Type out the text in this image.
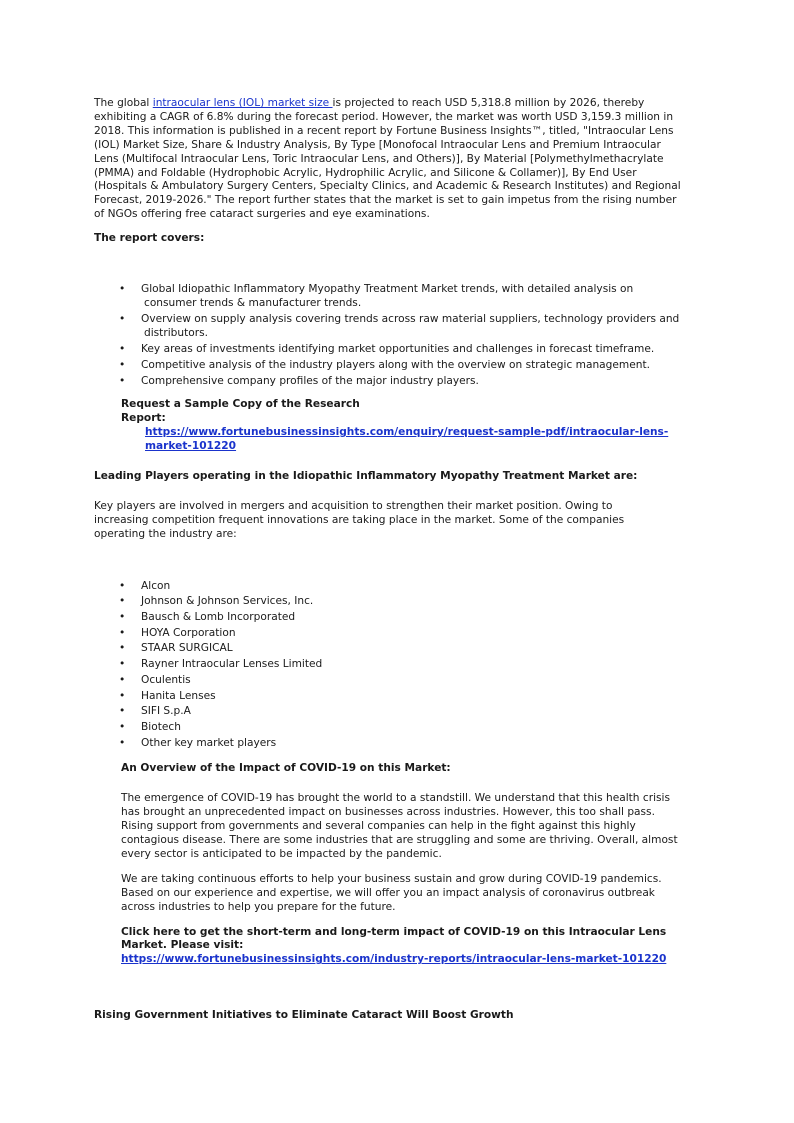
The global intraocular lens (IOL) market size is projected to reach USD 5,318.8 million by 2026, thereby
exhibiting a CAGR of 6.8% during the forecast period. However, the market was worth USD 3,159.3 million in
2018. This information is published in a recent report by Fortune Business Insights™, titled, "Intraocular Lens
(IOL) Market Size, Share & Industry Analysis, By Type [Monofocal Intraocular Lens and Premium Intraocular
Lens (Multifocal Intraocular Lens, Toric Intraocular Lens, and Others)], By Material [Polymethylmethacrylate
(PMMA) and Foldable (Hydrophobic Acrylic, Hydrophilic Acrylic, and Silicone & Collamer)], By End User
(Hospitals & Ambulatory Surgery Centers, Specialty Clinics, and Academic & Research Institutes) and Regional
Forecast, 2019-2026." The report further states that the market is set to gain impetus from the rising number
of NGOs offering free cataract surgeries and eye examinations.

The report covers:

• Global Idiopathic Inflammatory Myopathy Treatment Market trends, with detailed analysis on
consumer trends & manufacturer trends.
• Overview on supply analysis covering trends across raw material suppliers, technology providers and
distributors.
• Key areas of investments identifying market opportunities and challenges in forecast timeframe.
• Competitive analysis of the industry players along with the overview on strategic management.
• Comprehensive company profiles of the major industry players.

Request a Sample Copy of the Research
Report:

https://www.fortunebusinessinsights.com/enquiry/request-sample-pdf/intraocular-lens-
market-101220

Leading Players operating in the Idiopathic Inflammatory Myopathy Treatment Market are:

Key players are involved in mergers and acquisition to strengthen their market position. Owing to
increasing competition frequent innovations are taking place in the market. Some of the companies
operating the industry are:

• Alcon
• Johnson & Johnson Services, Inc.
• Bausch & Lomb Incorporated
• HOYA Corporation
• STAAR SURGICAL
• Rayner Intraocular Lenses Limited
• Oculentis
• Hanita Lenses
• SIFI S.p.A
• Biotech
• Other key market players

An Overview of the Impact of COVID-19 on this Market:

The emergence of COVID-19 has brought the world to a standstill. We understand that this health crisis
has brought an unprecedented impact on businesses across industries. However, this too shall pass.
Rising support from governments and several companies can help in the fight against this highly
contagious disease. There are some industries that are struggling and some are thriving. Overall, almost
every sector is anticipated to be impacted by the pandemic.

We are taking continuous efforts to help your business sustain and grow during COVID-19 pandemics.
Based on our experience and expertise, we will offer you an impact analysis of coronavirus outbreak
across industries to help you prepare for the future.

Click here to get the short-term and long-term impact of COVID-19 on this Intraocular Lens
Market. Please visit:
https://www.fortunebusinessinsights.com/industry-reports/intraocular-lens-market-101220

Rising Government Initiatives to Eliminate Cataract Will Boost Growth
